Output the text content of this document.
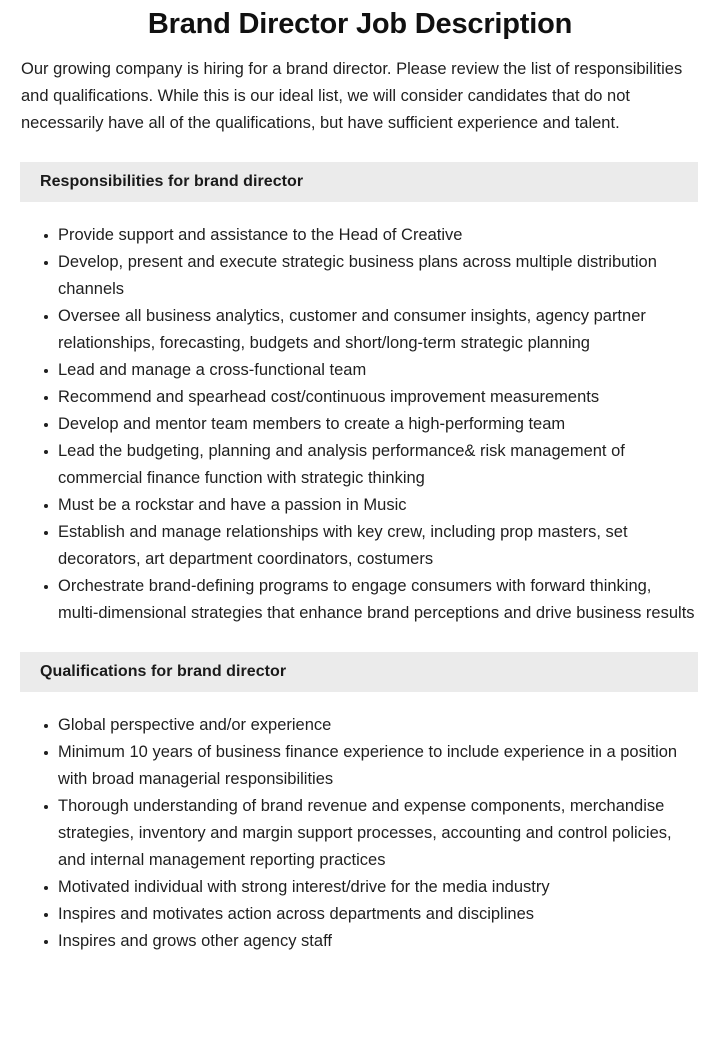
Brand Director Job Description

Our growing company is hiring for a brand director. Please review the list of responsibilities and qualifications. While this is our ideal list, we will consider candidates that do not necessarily have all of the qualifications, but have sufficient experience and talent.

Responsibilities for brand director
Provide support and assistance to the Head of Creative
Develop, present and execute strategic business plans across multiple distribution channels
Oversee all business analytics, customer and consumer insights, agency partner relationships, forecasting, budgets and short/long-term strategic planning
Lead and manage a cross-functional team
Recommend and spearhead cost/continuous improvement measurements
Develop and mentor team members to create a high-performing team
Lead the budgeting, planning and analysis performance& risk management of commercial finance function with strategic thinking
Must be a rockstar and have a passion in Music
Establish and manage relationships with key crew, including prop masters, set decorators, art department coordinators, costumers
Orchestrate brand-defining programs to engage consumers with forward thinking, multi-dimensional strategies that enhance brand perceptions and drive business results
Qualifications for brand director
Global perspective and/or experience
Minimum 10 years of business finance experience to include experience in a position with broad managerial responsibilities
Thorough understanding of brand revenue and expense components, merchandise strategies, inventory and margin support processes, accounting and control policies, and internal management reporting practices
Motivated individual with strong interest/drive for the media industry
Inspires and motivates action across departments and disciplines
Inspires and grows other agency staff
